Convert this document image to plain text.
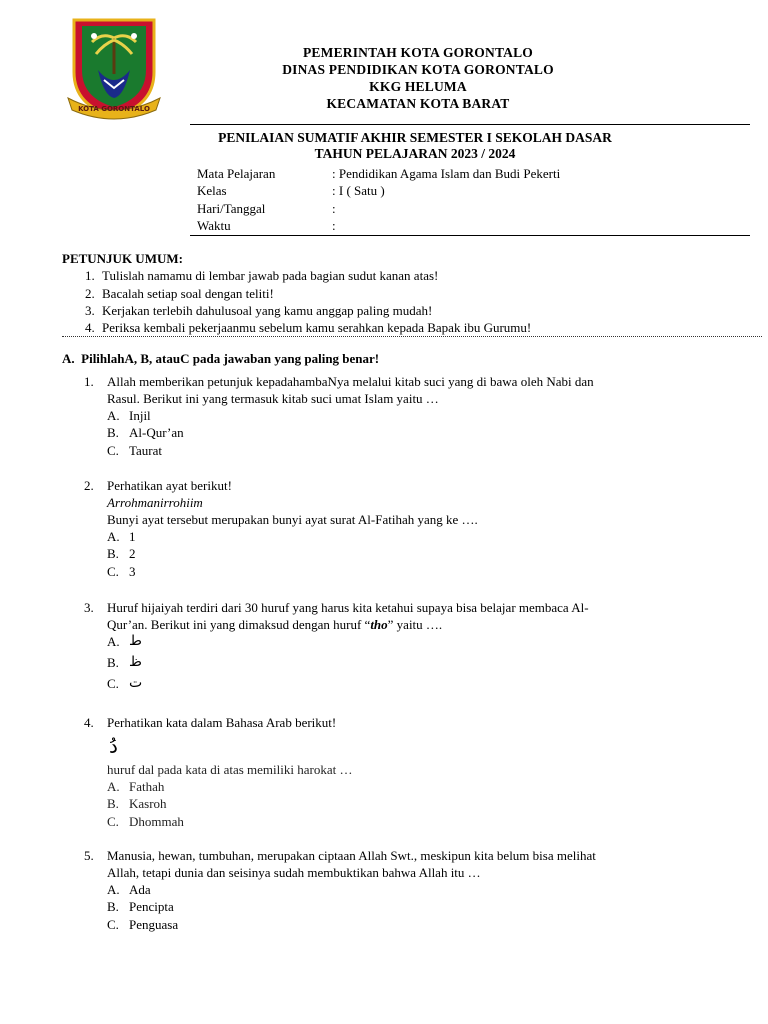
KOTA GORONTALO
PEMERINTAH KOTA GORONTALO
DINAS PENDIDIKAN KOTA GORONTALO
KKG HELUMA
KECAMATAN KOTA BARAT
PENILAIAN SUMATIF AKHIR SEMESTER I SEKOLAH DASAR
TAHUN PELAJARAN 2023 / 2024
Mata Pelajaran	: Pendidikan Agama Islam dan Budi Pekerti
Kelas	: I ( Satu )
Hari/Tanggal	:
Waktu	:
PETUNJUK UMUM:
1. Tulislah namamu di lembar jawab pada bagian sudut kanan atas!
2. Bacalah setiap soal dengan teliti!
3. Kerjakan terlebih dahulusoal yang kamu anggap paling mudah!
4. Periksa kembali pekerjaanmu sebelum kamu serahkan kepada Bapak ibu Gurumu!
A. PilihlahA, B, atauC pada jawaban yang paling benar!
1.	Allah memberikan petunjuk kepadahambaNya melalui kitab suci yang di bawa oleh Nabi dan
Rasul. Berikut ini yang termasuk kitab suci umat Islam yaitu …
A. Injil
B. Al-Qur’an
C. Taurat
2.	Perhatikan ayat berikut!
Arrohmanirrohiim
Bunyi ayat tersebut merupakan bunyi ayat surat Al-Fatihah yang ke ….
A. 1
B. 2
C. 3
3.	Huruf hijaiyah terdiri dari 30 huruf yang harus kita ketahui supaya bisa belajar membaca Al-
Qur’an. Berikut ini yang dimaksud dengan huruf “tho” yaitu ….
A. ط
B. ظ
C. ت
4.	Perhatikan kata dalam Bahasa Arab berikut!
دُ
huruf dal pada kata di atas memiliki harokat …
A. Fathah
B. Kasroh
C. Dhommah
5.	Manusia, hewan, tumbuhan, merupakan ciptaan Allah Swt., meskipun kita belum bisa melihat
Allah, tetapi dunia dan seisinya sudah membuktikan bahwa Allah itu …
A. Ada
B. Pencipta
C. Penguasa
